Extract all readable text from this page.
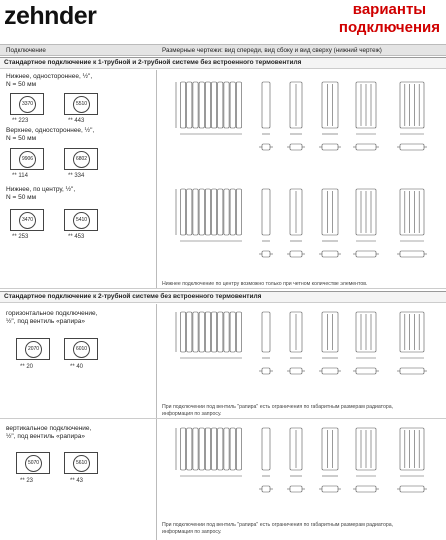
zehnder	варианты
подключения
Подключение	Размерные чертежи: вид спереди, вид сбоку и вид сверху (нижний чертеж)
Стандартное подключение к 1-трубной и 2-трубной системе без встроенного термовентиля
Нижнее, одностороннее, ½",
N = 50 мм
3370	5510
** 223	** 443
Верхнее, одностороннее, ½",
N = 50 мм
9906	6802
** 114	** 334
Нижнее, по центру, ½",
N = 50 мм
3470	5410
** 253	** 453
Нижнее подключение по центру возможно только при четном количестве элементов.
Стандартное подключение к 2-трубной системе без встроенного термовентиля
горизонтальное подключение,
½", под вентиль «рапира»
2070	6010
** 20	** 40
При подключении под вентиль "рапира" есть ограничения по габаритным размерам радиатора,
информация по запросу.
вертикальное подключение,
½", под вентиль «рапира»
5070	5610
** 23	** 43
При подключении под вентиль "рапира" есть ограничения по габаритным размерам радиатора,
информация по запросу.
